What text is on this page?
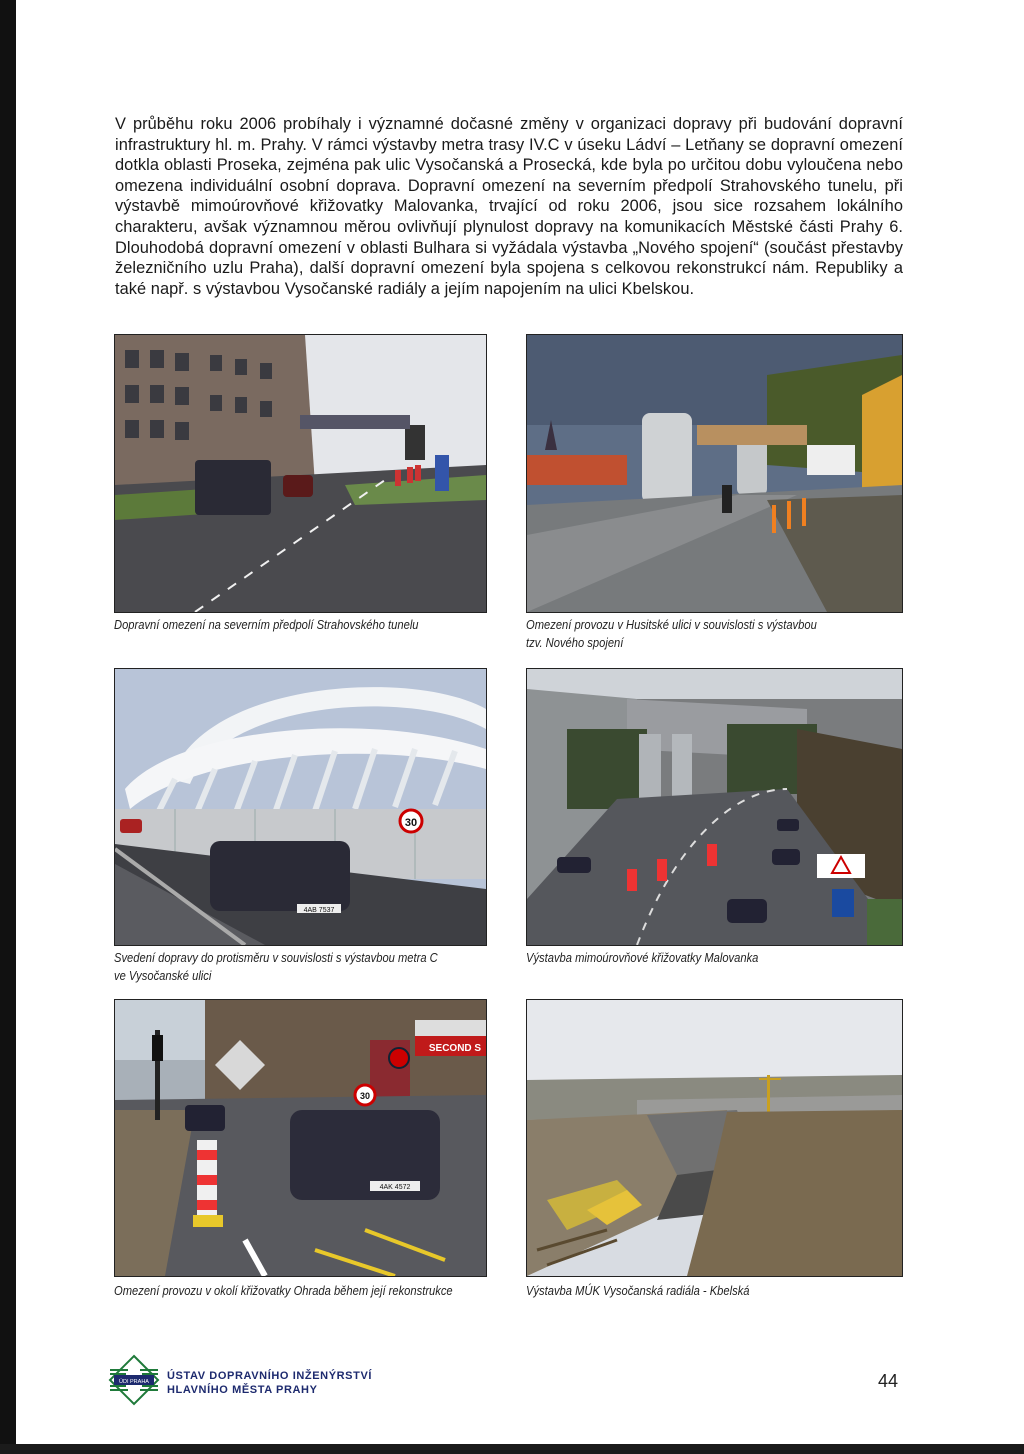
V průběhu roku 2006 probíhaly i významné dočasné změny v organizaci dopravy při budování dopravní infrastruktury hl. m. Prahy. V rámci výstavby metra trasy IV.C v úseku Ládví – Letňany se dopravní omezení dotkla oblasti Proseka, zejména pak ulic Vysočanská a Prosecká, kde byla po určitou dobu vyloučena nebo omezena individuální osobní doprava. Dopravní omezení na severním předpolí Strahovského tunelu, při výstavbě mimoúrovňové křižovatky Malovanka, trvající od roku 2006, jsou sice rozsahem lokálního charakteru, avšak významnou měrou ovlivňují plynulost dopravy na komunikacích Městské části Prahy 6. Dlouhodobá dopravní omezení v oblasti Bulhara si vyžádala výstavba „Nového spojení“ (součást přestavby železničního uzlu Praha), další dopravní omezení byla spojena s celkovou rekonstrukcí nám. Republiky a také např. s výstavbou Vysočanské radiály a jejím napojením na ulici Kbelskou.

Dopravní omezení na severním předpolí Strahovského tunelu	Omezení provozu v Husitské ulici v souvislosti s výstavbou
tzv. Nového spojení

30
4AB 7537

Svedení dopravy do protisměru v souvislosti s výstavbou metra C
ve Vysočanské ulici

Výstavba mimoúrovňové křižovatky Malovanka

SECOND S
30
4AK 4572

Omezení provozu v okolí křižovatky Ohrada během její rekonstrukce	Výstavba MÚK Vysočanská radiála - Kbelská

ÚDI PRAHA ÚSTAV DOPRAVNÍHO INŽENÝRSTVÍ
HLAVNÍHO MĚSTA PRAHY	44
